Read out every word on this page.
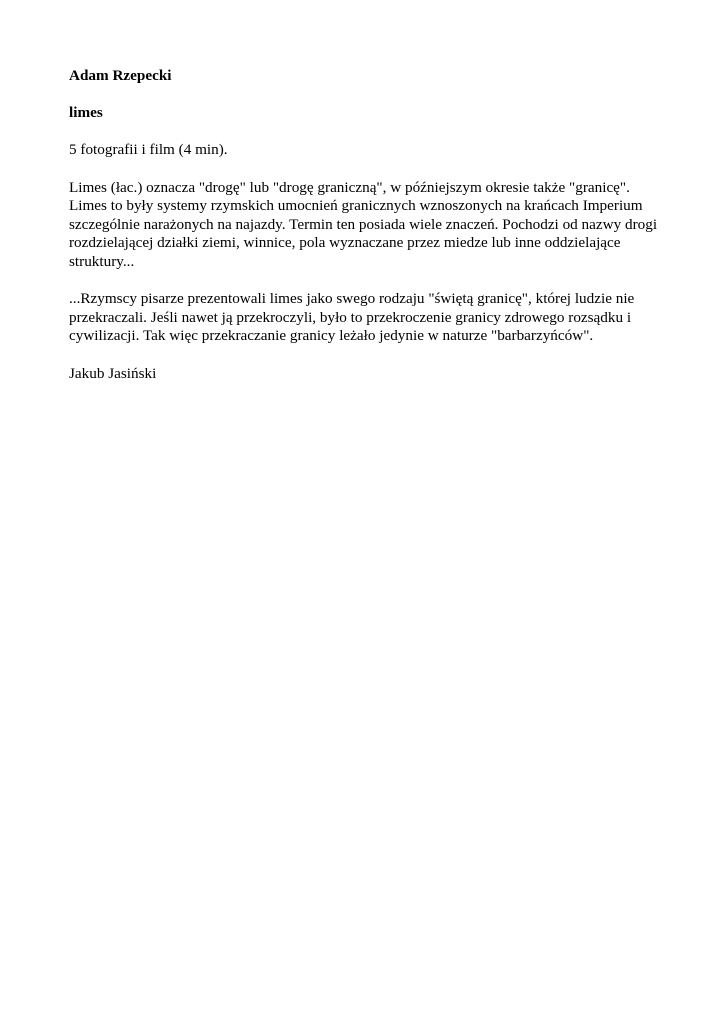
Adam Rzepecki

limes

5 fotografii i film (4 min).

Limes (łac.) oznacza "drogę" lub "drogę graniczną", w późniejszym okresie także "granicę". Limes to były systemy rzymskich umocnień granicznych wznoszonych na krańcach Imperium szczególnie narażonych na najazdy. Termin ten posiada wiele znaczeń. Pochodzi od nazwy drogi rozdzielającej działki ziemi, winnice, pola wyznaczane przez miedze lub inne oddzielające struktury...

...Rzymscy pisarze prezentowali limes jako swego rodzaju "świętą granicę", której ludzie nie przekraczali. Jeśli nawet ją przekroczyli, było to przekroczenie granicy zdrowego rozsądku i cywilizacji. Tak więc przekraczanie granicy leżało jedynie w naturze "barbarzyńców".

Jakub Jasiński
